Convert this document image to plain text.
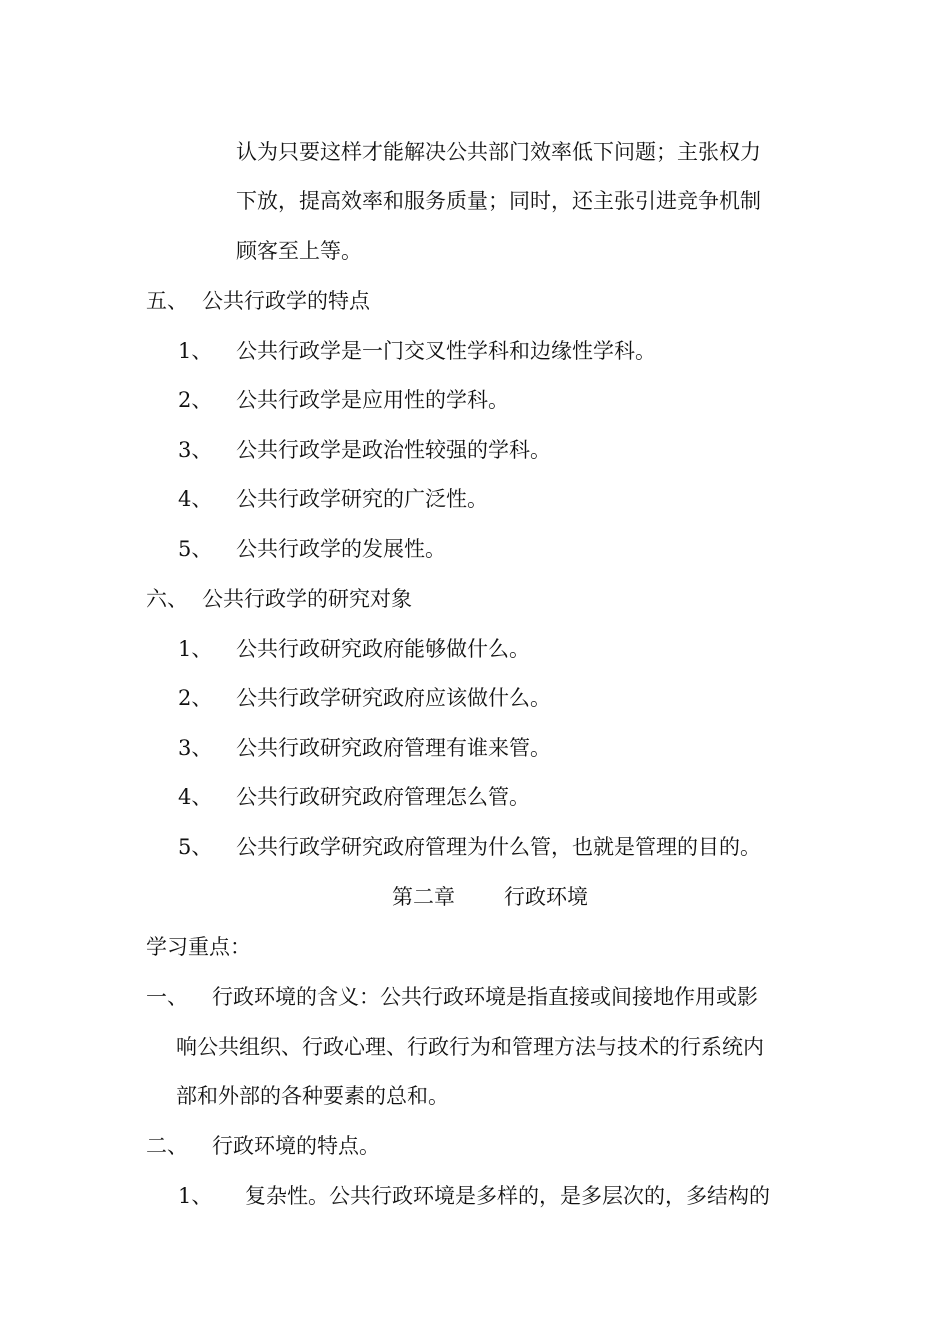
认为只要这样才能解决公共部门效率低下问题；主张权力
下放，提高效率和服务质量；同时，还主张引进竞争机制
顾客至上等。
五、 公共行政学的特点
1、 公共行政学是一门交叉性学科和边缘性学科。
2、 公共行政学是应用性的学科。
3、 公共行政学是政治性较强的学科。
4、 公共行政学研究的广泛性。
5、 公共行政学的发展性。
六、 公共行政学的研究对象
1、 公共行政研究政府能够做什么。
2、 公共行政学研究政府应该做什么。
3、 公共行政研究政府管理有谁来管。
4、 公共行政研究政府管理怎么管。
5、 公共行政学研究政府管理为什么管，也就是管理的目的。
第二章 行政环境
学习重点：
一、 行政环境的含义：公共行政环境是指直接或间接地作用或影
响公共组织、行政心理、行政行为和管理方法与技术的行系统内
部和外部的各种要素的总和。
二、 行政环境的特点。
1、 复杂性。公共行政环境是多样的，是多层次的，多结构的
